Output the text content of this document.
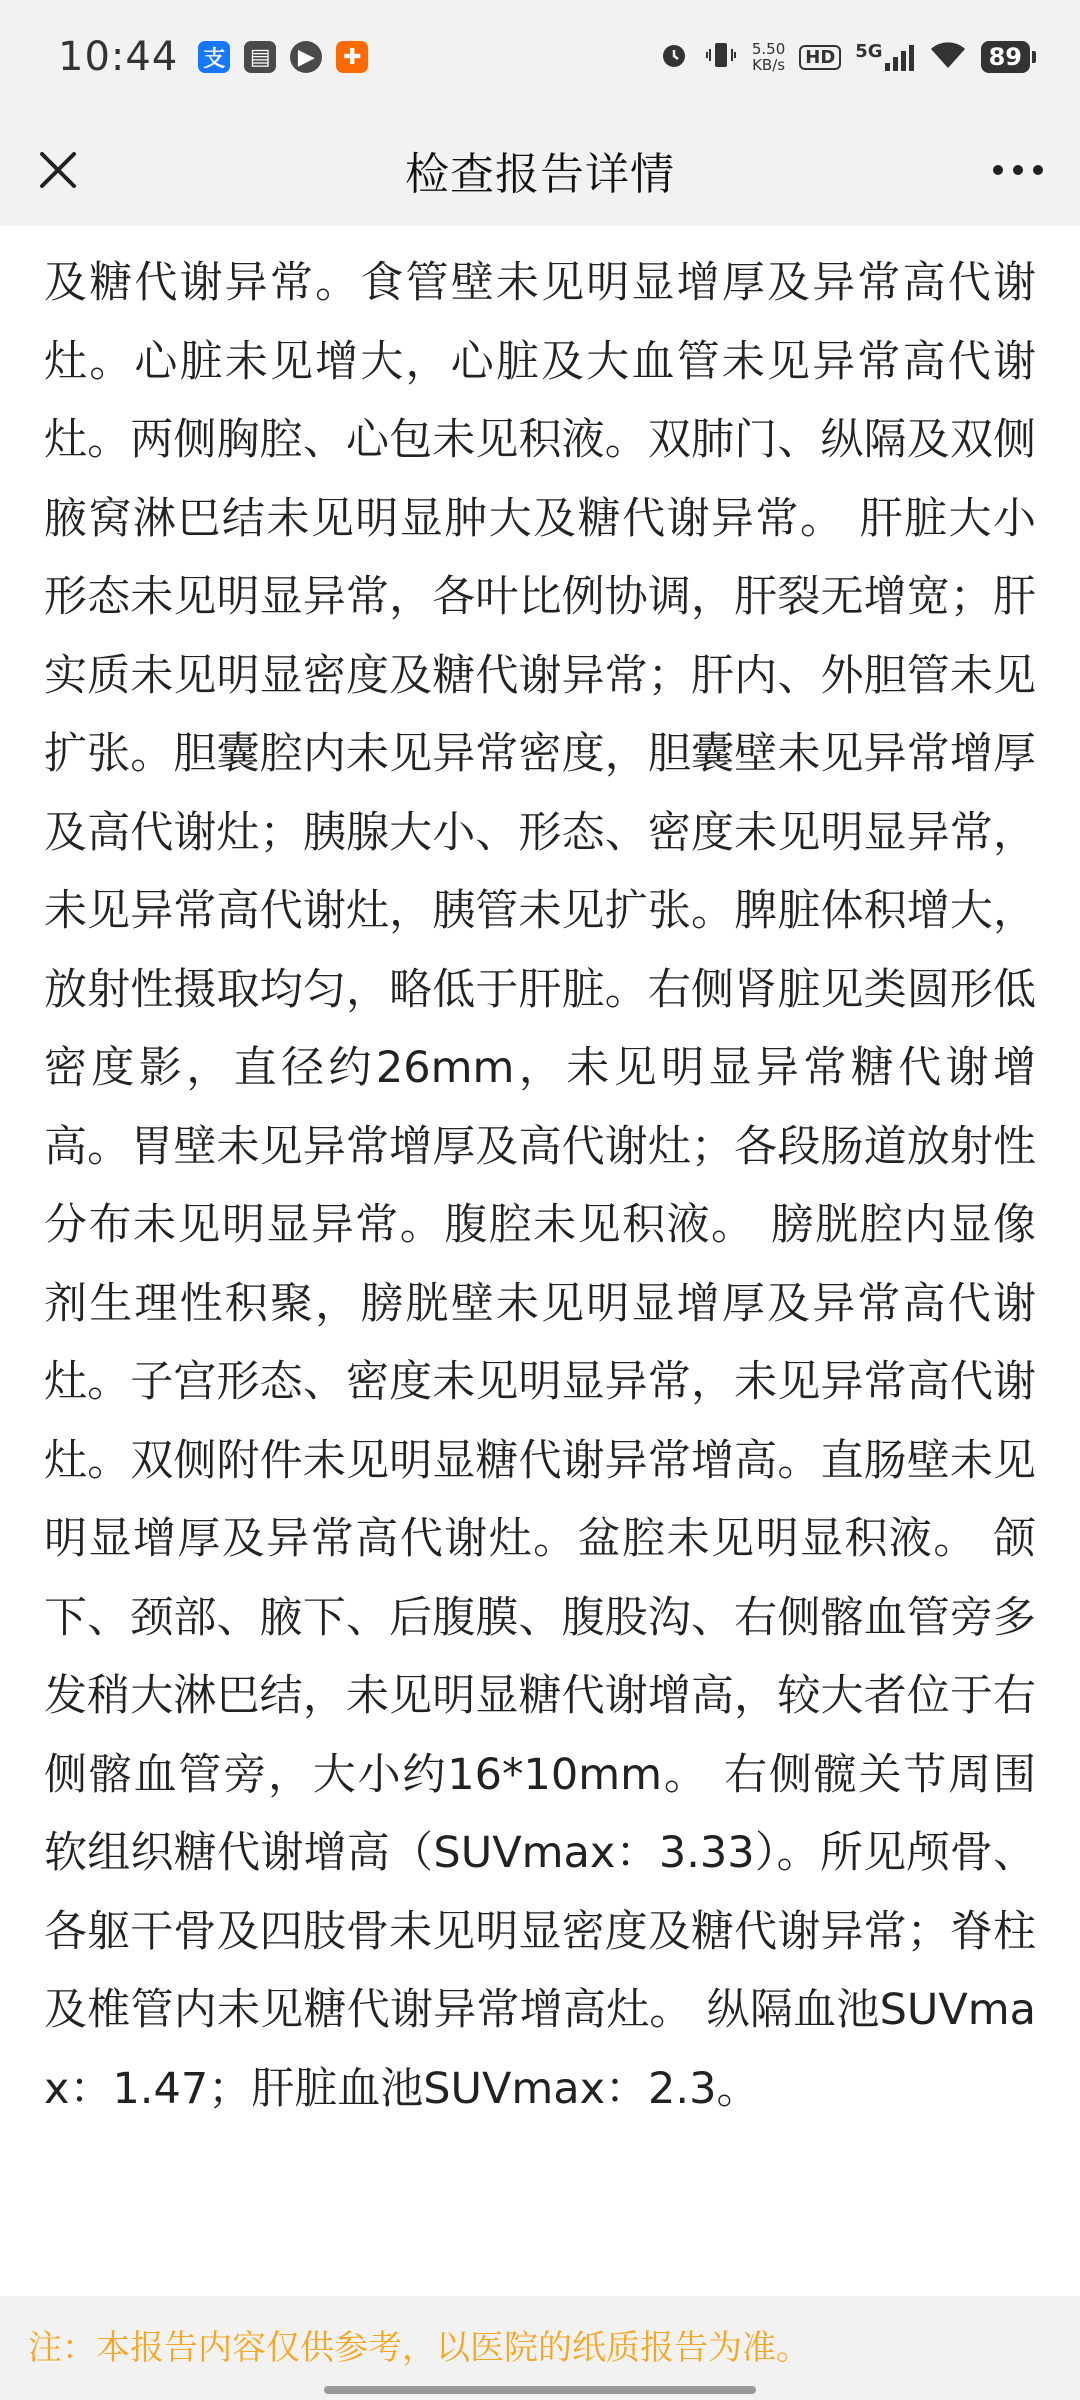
10:44 支 ▤	▶	✚	5.50
KB/s	HD	5G	89
检查报告详情

及糖代谢异常。食管壁未见明显增厚及异常高代谢灶。心脏未见增大，心脏及大血管未见异常高代谢灶。两侧胸腔、心包未见积液。双肺门、纵隔及双侧腋窝淋巴结未见明显肿大及糖代谢异常。 肝脏大小形态未见明显异常，各叶比例协调，肝裂无增宽；肝实质未见明显密度及糖代谢异常；肝内、外胆管未见扩张。胆囊腔内未见异常密度，胆囊壁未见异常增厚及高代谢灶；胰腺大小、形态、密度未见明显异常，未见异常高代谢灶，胰管未见扩张。脾脏体积增大，放射性摄取均匀，略低于肝脏。右侧肾脏见类圆形低密度影，直径约26mm，未见明显异常糖代谢增高。胃壁未见异常增厚及高代谢灶；各段肠道放射性分布未见明显异常。腹腔未见积液。 膀胱腔内显像剂生理性积聚，膀胱壁未见明显增厚及异常高代谢灶。子宫形态、密度未见明显异常，未见异常高代谢灶。双侧附件未见明显糖代谢异常增高。直肠壁未见明显增厚及异常高代谢灶。盆腔未见明显积液。 颌下、颈部、腋下、后腹膜、腹股沟、右侧髂血管旁多发稍大淋巴结，未见明显糖代谢增高，较大者位于右侧髂血管旁，大小约16*10mm。 右侧髋关节周围软组织糖代谢增高（SUVmax：3.33）。所见颅骨、各躯干骨及四肢骨未见明显密度及糖代谢异常；脊柱及椎管内未见糖代谢异常增高灶。 纵隔血池SUVmax：1.47；肝脏血池SUVmax：2.3。

注：本报告内容仅供参考，以医院的纸质报告为准。
